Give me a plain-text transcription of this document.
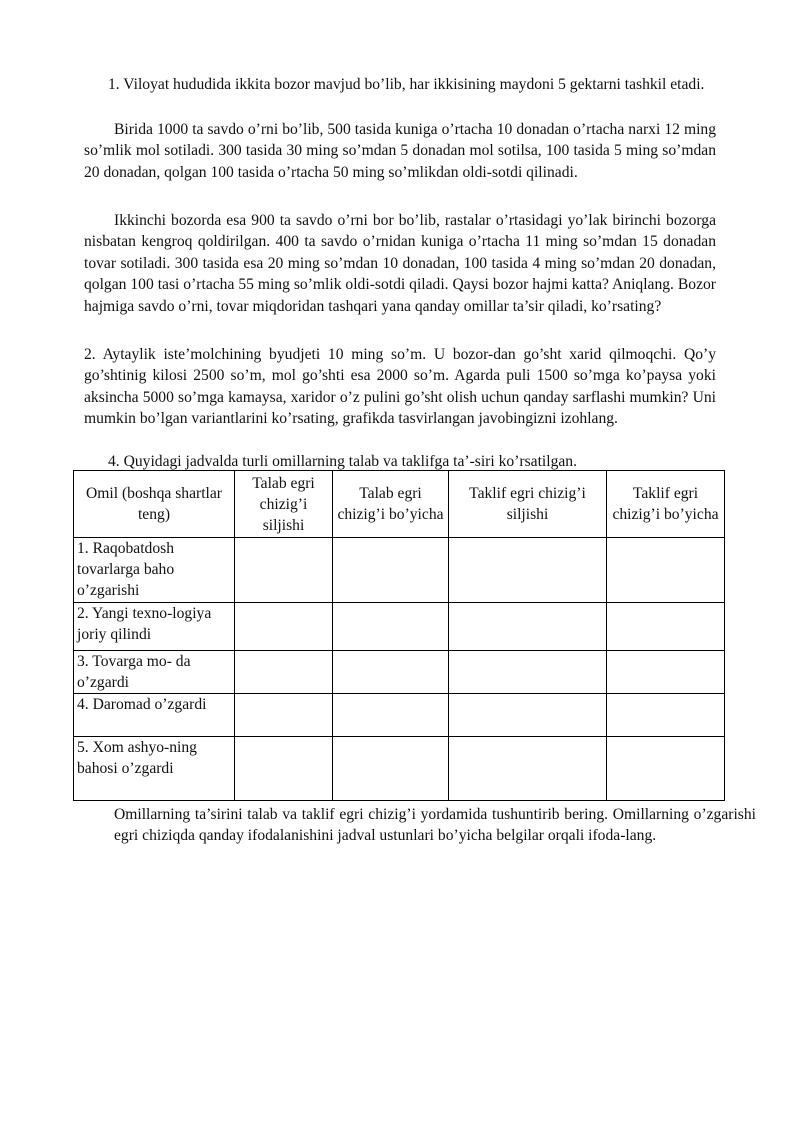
1. Viloyat hududida ikkita bozor mavjud bo’lib, har ikkisining maydoni 5 gektarni tashkil etadi.

Birida 1000 ta savdo o’rni bo’lib, 500 tasida kuniga o’rtacha 10 donadan o’rtacha narxi 12 ming so’mlik mol sotiladi. 300 tasida 30 ming so’mdan 5 donadan mol sotilsa, 100 tasida 5 ming so’mdan 20 donadan, qolgan 100 tasida o’rtacha 50 ming so’mlikdan oldi-sotdi qilinadi.

Ikkinchi bozorda esa 900 ta savdo o’rni bor bo’lib, rastalar o’rtasidagi yo’lak birinchi bozorga nisbatan kengroq qoldirilgan. 400 ta savdo o’rnidan kuniga o’rtacha 11 ming so’mdan 15 donadan tovar sotiladi. 300 tasida esa 20 ming so’mdan 10 donadan, 100 tasida 4 ming so’mdan 20 donadan, qolgan 100 tasi o’rtacha 55 ming so’mlik oldi-sotdi qiladi. Qaysi bozor hajmi katta? Aniqlang. Bozor hajmiga savdo o’rni, tovar miqdoridan tashqari yana qanday omillar ta’sir qiladi, ko’rsating?

2. Aytaylik iste’molchining byudjeti 10 ming so’m. U bozor-dan go’sht xarid qilmoqchi. Qo’y go’shtinig kilosi 2500 so’m, mol go’shti esa 2000 so’m. Agarda puli 1500 so’mga ko’paysa yoki aksincha 5000 so’mga kamaysa, xaridor o’z pulini go’sht olish uchun qanday sarflashi mumkin? Uni mumkin bo’lgan variantlarini ko’rsating, grafikda tasvirlangan javobingizni izohlang.

4. Quyidagi jadvalda turli omillarning talab va taklifga ta’-siri ko’rsatilgan.

Omil (boshqa shartlar teng)	Talab egri chizig’i siljishi	Talab egri chizig’i bo’yicha	Taklif egri chizig’i siljishi	Taklif egri chizig’i bo’yicha
1. Raqobatdosh tovarlarga baho o’zgarishi				
2. Yangi texno-logiya joriy qilindi				
3. Tovarga mo- da o’zgardi				
4. Daromad o’zgardi				
5. Xom ashyo-ning bahosi o’zgardi				

Omillarning ta’sirini talab va taklif egri chizig’i yordamida tushuntirib bering. Omillarning o’zgarishi egri chiziqda qanday ifodalanishini jadval ustunlari bo’yicha belgilar orqali ifoda-lang.
